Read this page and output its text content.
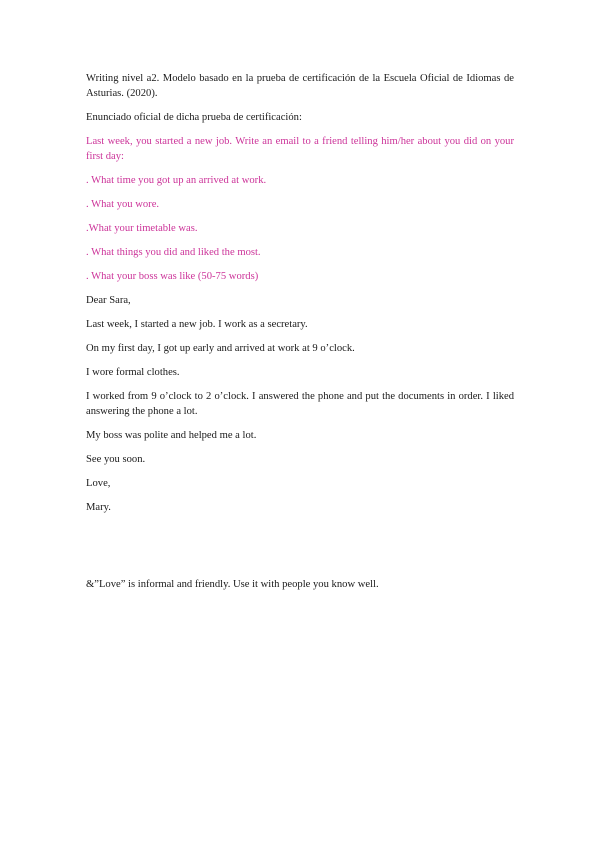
Writing nivel a2. Modelo basado en la prueba de certificación de la Escuela Oficial de Idiomas de Asturias. (2020).

Enunciado oficial de dicha prueba de certificación:

Last week, you started a new job. Write an email to a friend telling him/her about you did on your first day:

. What time you got up an arrived at work.

. What you wore.

.What your timetable was.

. What things you did and liked the most.

. What your boss was like (50-75 words)

Dear Sara,

Last week, I started a new job. I work as a secretary.

On my first day, I got up early and arrived at work at 9 o’clock.

I wore formal clothes.

I worked from 9 o’clock to 2 o’clock. I answered the phone and put the documents in order. I liked answering the phone a lot.

My boss was polite and helped me a lot.

See you soon.

Love,

Mary.

&”Love” is informal and friendly. Use it with people you know well.
